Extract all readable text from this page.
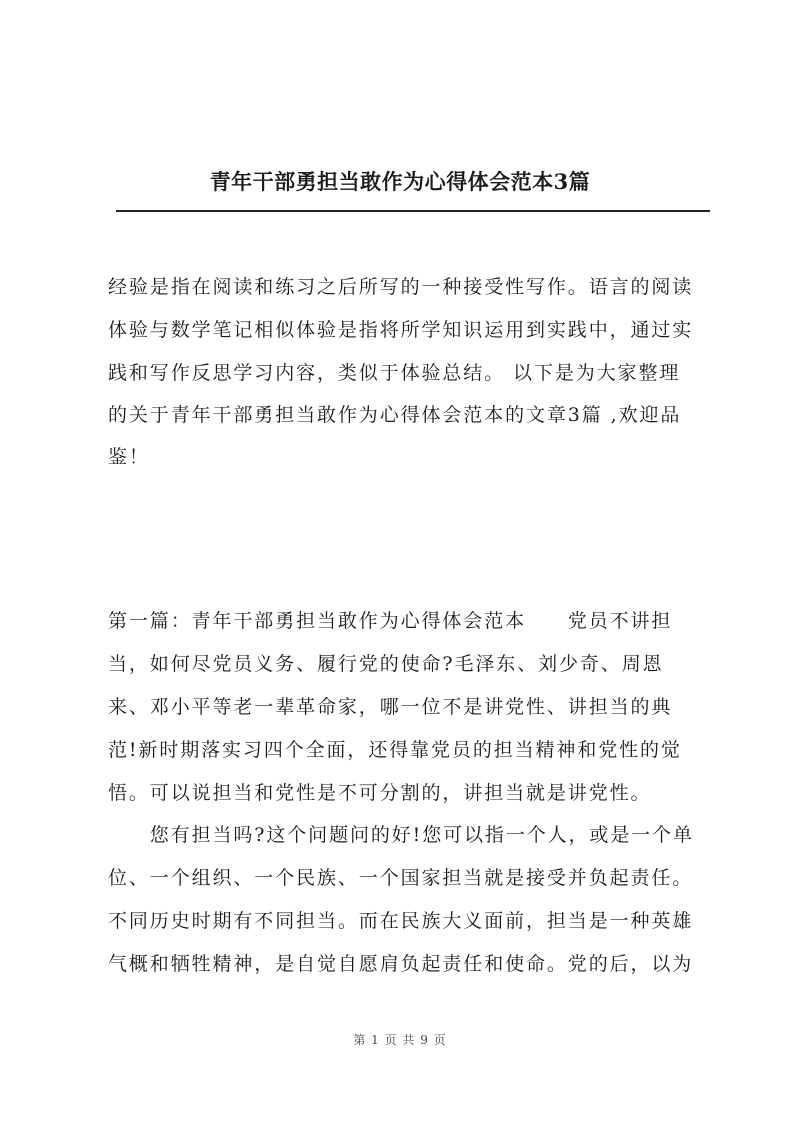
青年干部勇担当敢作为心得体会范本3篇
经验是指在阅读和练习之后所写的一种接受性写作。语言的阅读
体验与数学笔记相似体验是指将所学知识运用到实践中，通过实
践和写作反思学习内容，类似于体验总结。 以下是为大家整理
的关于青年干部勇担当敢作为心得体会范本的文章3篇 ,欢迎品
鉴！
第一篇：青年干部勇担当敢作为心得体会范本　　党员不讲担
当，如何尽党员义务、履行党的使命?毛泽东、刘少奇、周恩
来、邓小平等老一辈革命家，哪一位不是讲党性、讲担当的典
范!新时期落实习四个全面，还得靠党员的担当精神和党性的觉
悟。可以说担当和党性是不可分割的，讲担当就是讲党性。
　　您有担当吗?这个问题问的好!您可以指一个人，或是一个单
位、一个组织、一个民族、一个国家担当就是接受并负起责任。
不同历史时期有不同担当。而在民族大义面前，担当是一种英雄
气概和牺牲精神，是自觉自愿肩负起责任和使命。党的后，以为
第 1 页 共 9 页
